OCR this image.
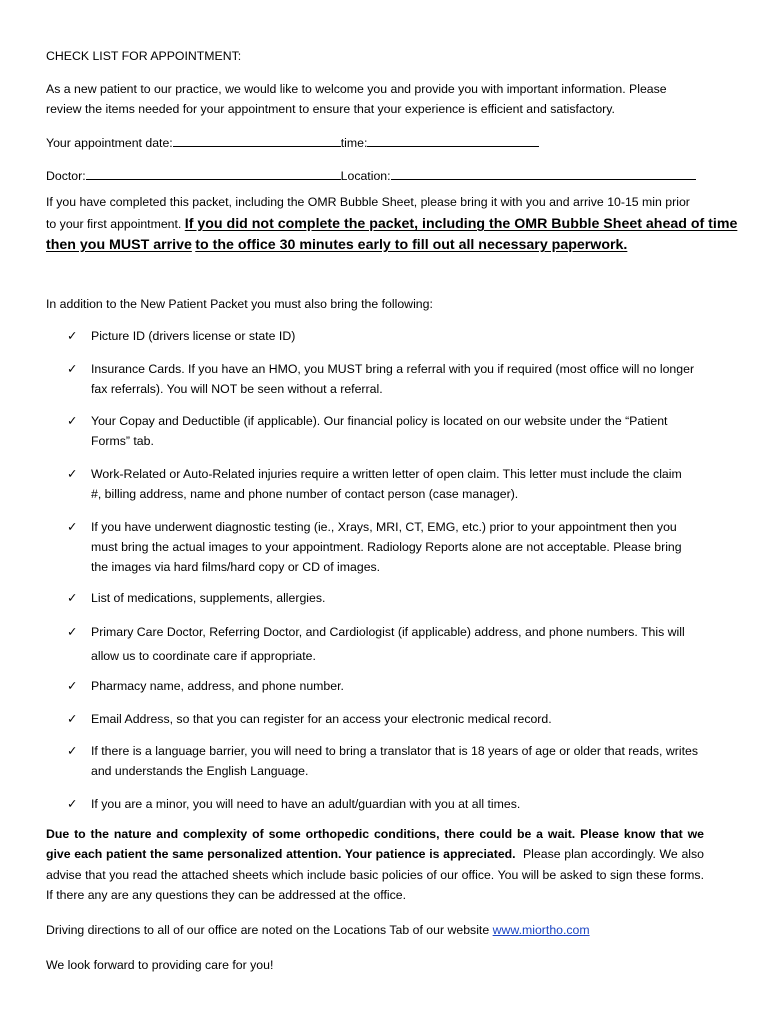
CHECK LIST FOR APPOINTMENT:
As a new patient to our practice, we would like to welcome you and provide you with important information. Please
review the items needed for your appointment to ensure that your experience is efficient and satisfactory.
Your appointment date:	time:
Doctor:	Location:
If you have completed this packet, including the OMR Bubble Sheet, please bring it with you and arrive 10-15 min prior
to your first appointment. If you did not complete the packet, including the OMR Bubble Sheet ahead of time
then you MUST arrive to the office 30 minutes early to fill out all necessary paperwork.
In addition to the New Patient Packet you must also bring the following:
✓ Picture ID (drivers license or state ID)
✓ Insurance Cards. If you have an HMO, you MUST bring a referral with you if required (most office will no longer
fax referrals). You will NOT be seen without a referral.
✓ Your Copay and Deductible (if applicable). Our financial policy is located on our website under the “Patient
Forms” tab.
✓ Work-Related or Auto-Related injuries require a written letter of open claim. This letter must include the claim
#, billing address, name and phone number of contact person (case manager).
✓ If you have underwent diagnostic testing (ie., Xrays, MRI, CT, EMG, etc.) prior to your appointment then you
must bring the actual images to your appointment. Radiology Reports alone are not acceptable. Please bring
the images via hard films/hard copy or CD of images.
✓ List of medications, supplements, allergies.
✓ Primary Care Doctor, Referring Doctor, and Cardiologist (if applicable) address, and phone numbers. This will
allow us to coordinate care if appropriate.
✓ Pharmacy name, address, and phone number.
✓ Email Address, so that you can register for an access your electronic medical record.
✓ If there is a language barrier, you will need to bring a translator that is 18 years of age or older that reads, writes
and understands the English Language.
✓ If you are a minor, you will need to have an adult/guardian with you at all times.
Due to the nature and complexity of some orthopedic conditions, there could be a wait. Please know that we give each patient the same personalized attention. Your patience is appreciated. Please plan accordingly. We also advise that you read the attached sheets which include basic policies of our office. You will be asked to sign these forms. If there any are any questions they can be addressed at the office.
Driving directions to all of our office are noted on the Locations Tab of our website www.miortho.com
We look forward to providing care for you!
